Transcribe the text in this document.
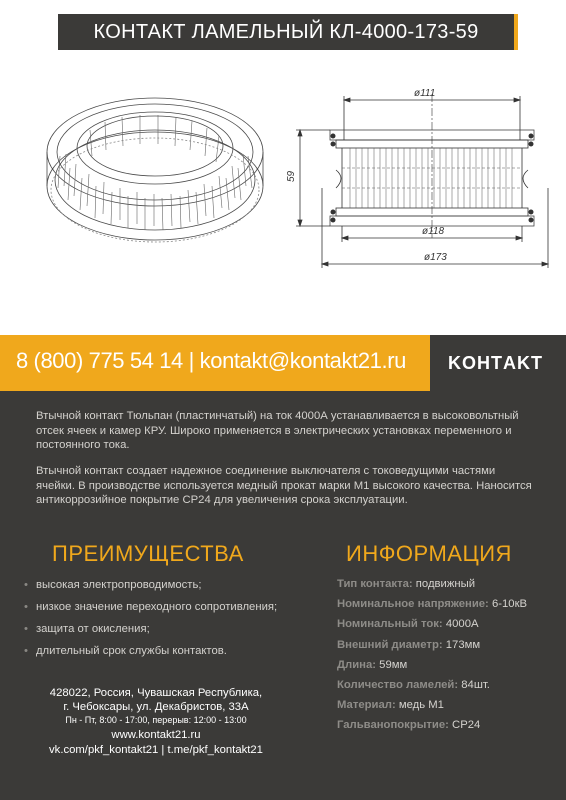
КОНТАКТ ЛАМЕЛЬНЫЙ КЛ-4000-173-59
ø111
59
ø118
ø173
8 (800) 775 54 14 | kontakt@kontakt21.ru KOНТAKT

Втычной контакт Тюльпан (пластинчатый) на ток 4000А устанавливается в высоковольтный отсек ячеек и камер КРУ. Широко применяется в электрических установках переменного и постоянного тока.

Втычной контакт создает надежное соединение выключателя с токоведущими частями ячейки. В производстве используется медный прокат марки М1 высокого качества. Наносится антикоррозийное покрытие СР24 для увеличения срока эксплуатации.

ПРЕИМУЩЕСТВА	ИНФОРМАЦИЯ
• высокая электропроводимость;
• низкое значение переходного сопротивления;
• защита от окисления;
• длительный срок службы контактов.
Тип контакта: подвижный
Номинальное напряжение: 6-10кВ
Номинальный ток: 4000А
Внешний диаметр: 173мм
Длина: 59мм
Количество ламелей: 84шт.
Материал: медь М1
Гальванопокрытие: СР24
428022, Россия, Чувашская Республика,
г. Чебоксары, ул. Декабристов, 33А
Пн - Пт, 8:00 - 17:00, перерыв: 12:00 - 13:00
www.kontakt21.ru
vk.com/pkf_kontakt21 | t.me/pkf_kontakt21
